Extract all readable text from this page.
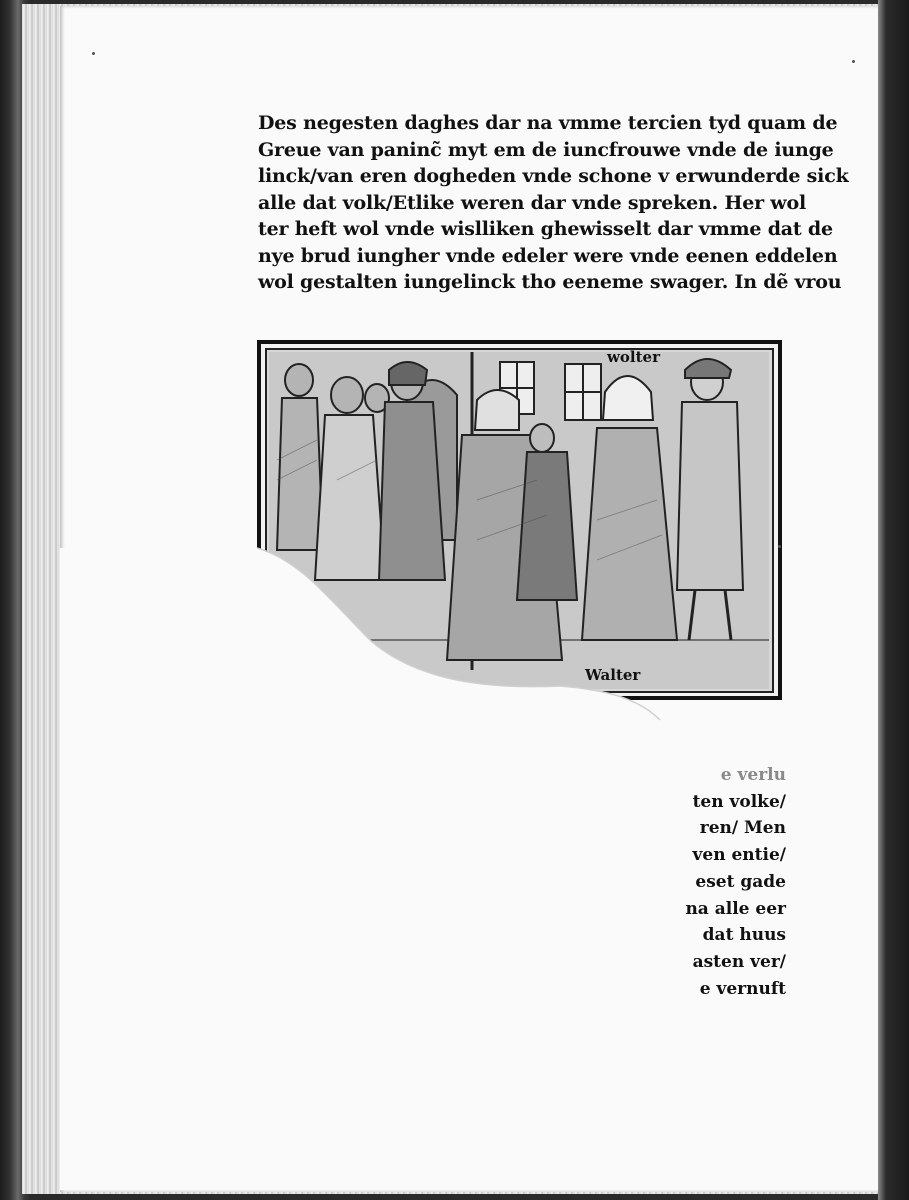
Des negesten daghes dar na vmme tercien tyd quam de
Greue van paninc̃ myt em de iuncfrouwe vnde de iunge
linck/van eren dogheden vnde schone v erwunderde sick
alle dat volk/Etlike weren dar vnde spreken. Her wol
ter heft wol vnde wislliken ghewisselt dar vmme dat de
nye brud iungher vnde edeler were vnde eenen eddelen
wol gestalten iungelinck tho eeneme swager. In dẽ vrou
wolter
Walter
e verlu
ten volke/
ren/ Men
ven entie/
eset gade
na alle eer
dat huus
asten ver/
e vernuft
